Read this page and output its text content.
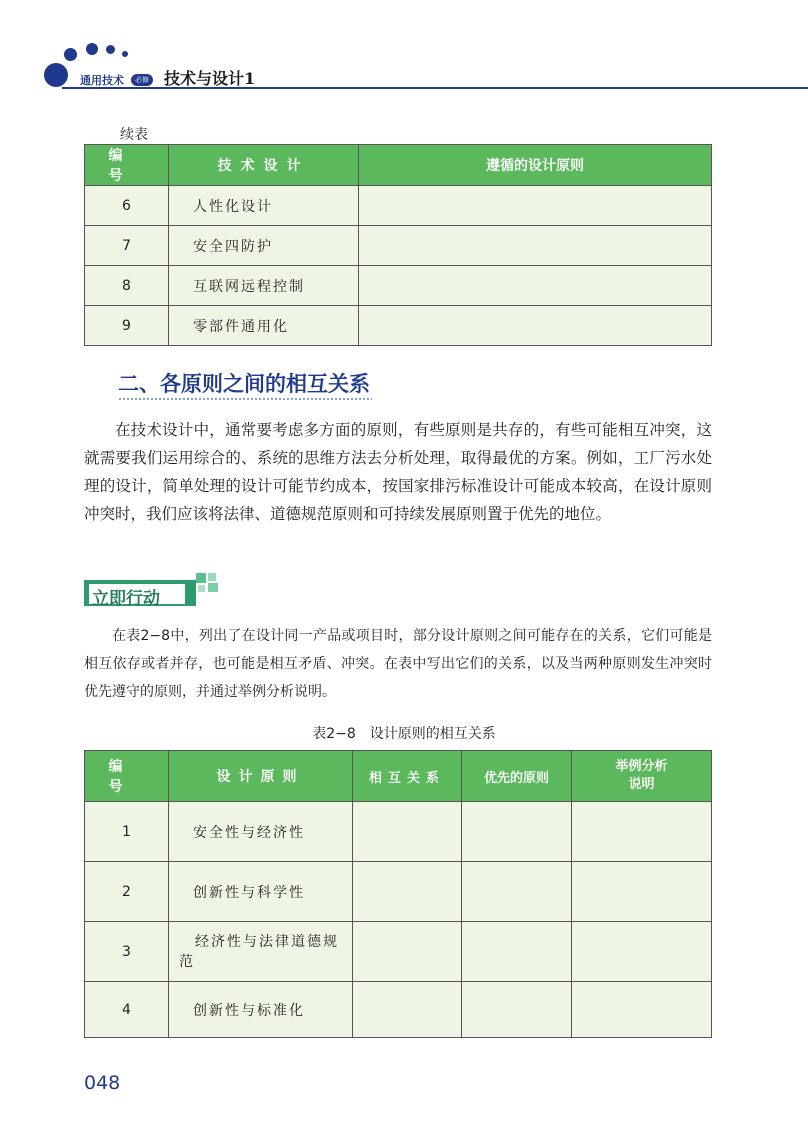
通用技术	必修 技术与设计1
续表
编 号	技术设计	遵循的设计原则
6	人性化设计	
7	安全四防护	
8	互联网远程控制	
9	零部件通用化	
二、各原则之间的相互关系
在技术设计中，通常要考虑多方面的原则，有些原则是共存的，有些可能相互冲突，这就需要我们运用综合的、系统的思维方法去分析处理，取得最优的方案。例如，工厂污水处理的设计，简单处理的设计可能节约成本，按国家排污标准设计可能成本较高，在设计原则冲突时，我们应该将法律、道德规范原则和可持续发展原则置于优先的地位。
立即行动
在表2−8中，列出了在设计同一产品或项目时，部分设计原则之间可能存在的关系，它们可能是相互依存或者并存，也可能是相互矛盾、冲突。在表中写出它们的关系，以及当两种原则发生冲突时优先遵守的原则，并通过举例分析说明。
表2−8　设计原则的相互关系
编 号	设计原则	相互关系	优先的原则	举例分析
说明

1	安全性与经济性			
2	创新性与科学性			
3	经济性与法律道德规范			
4	创新性与标准化			
048
